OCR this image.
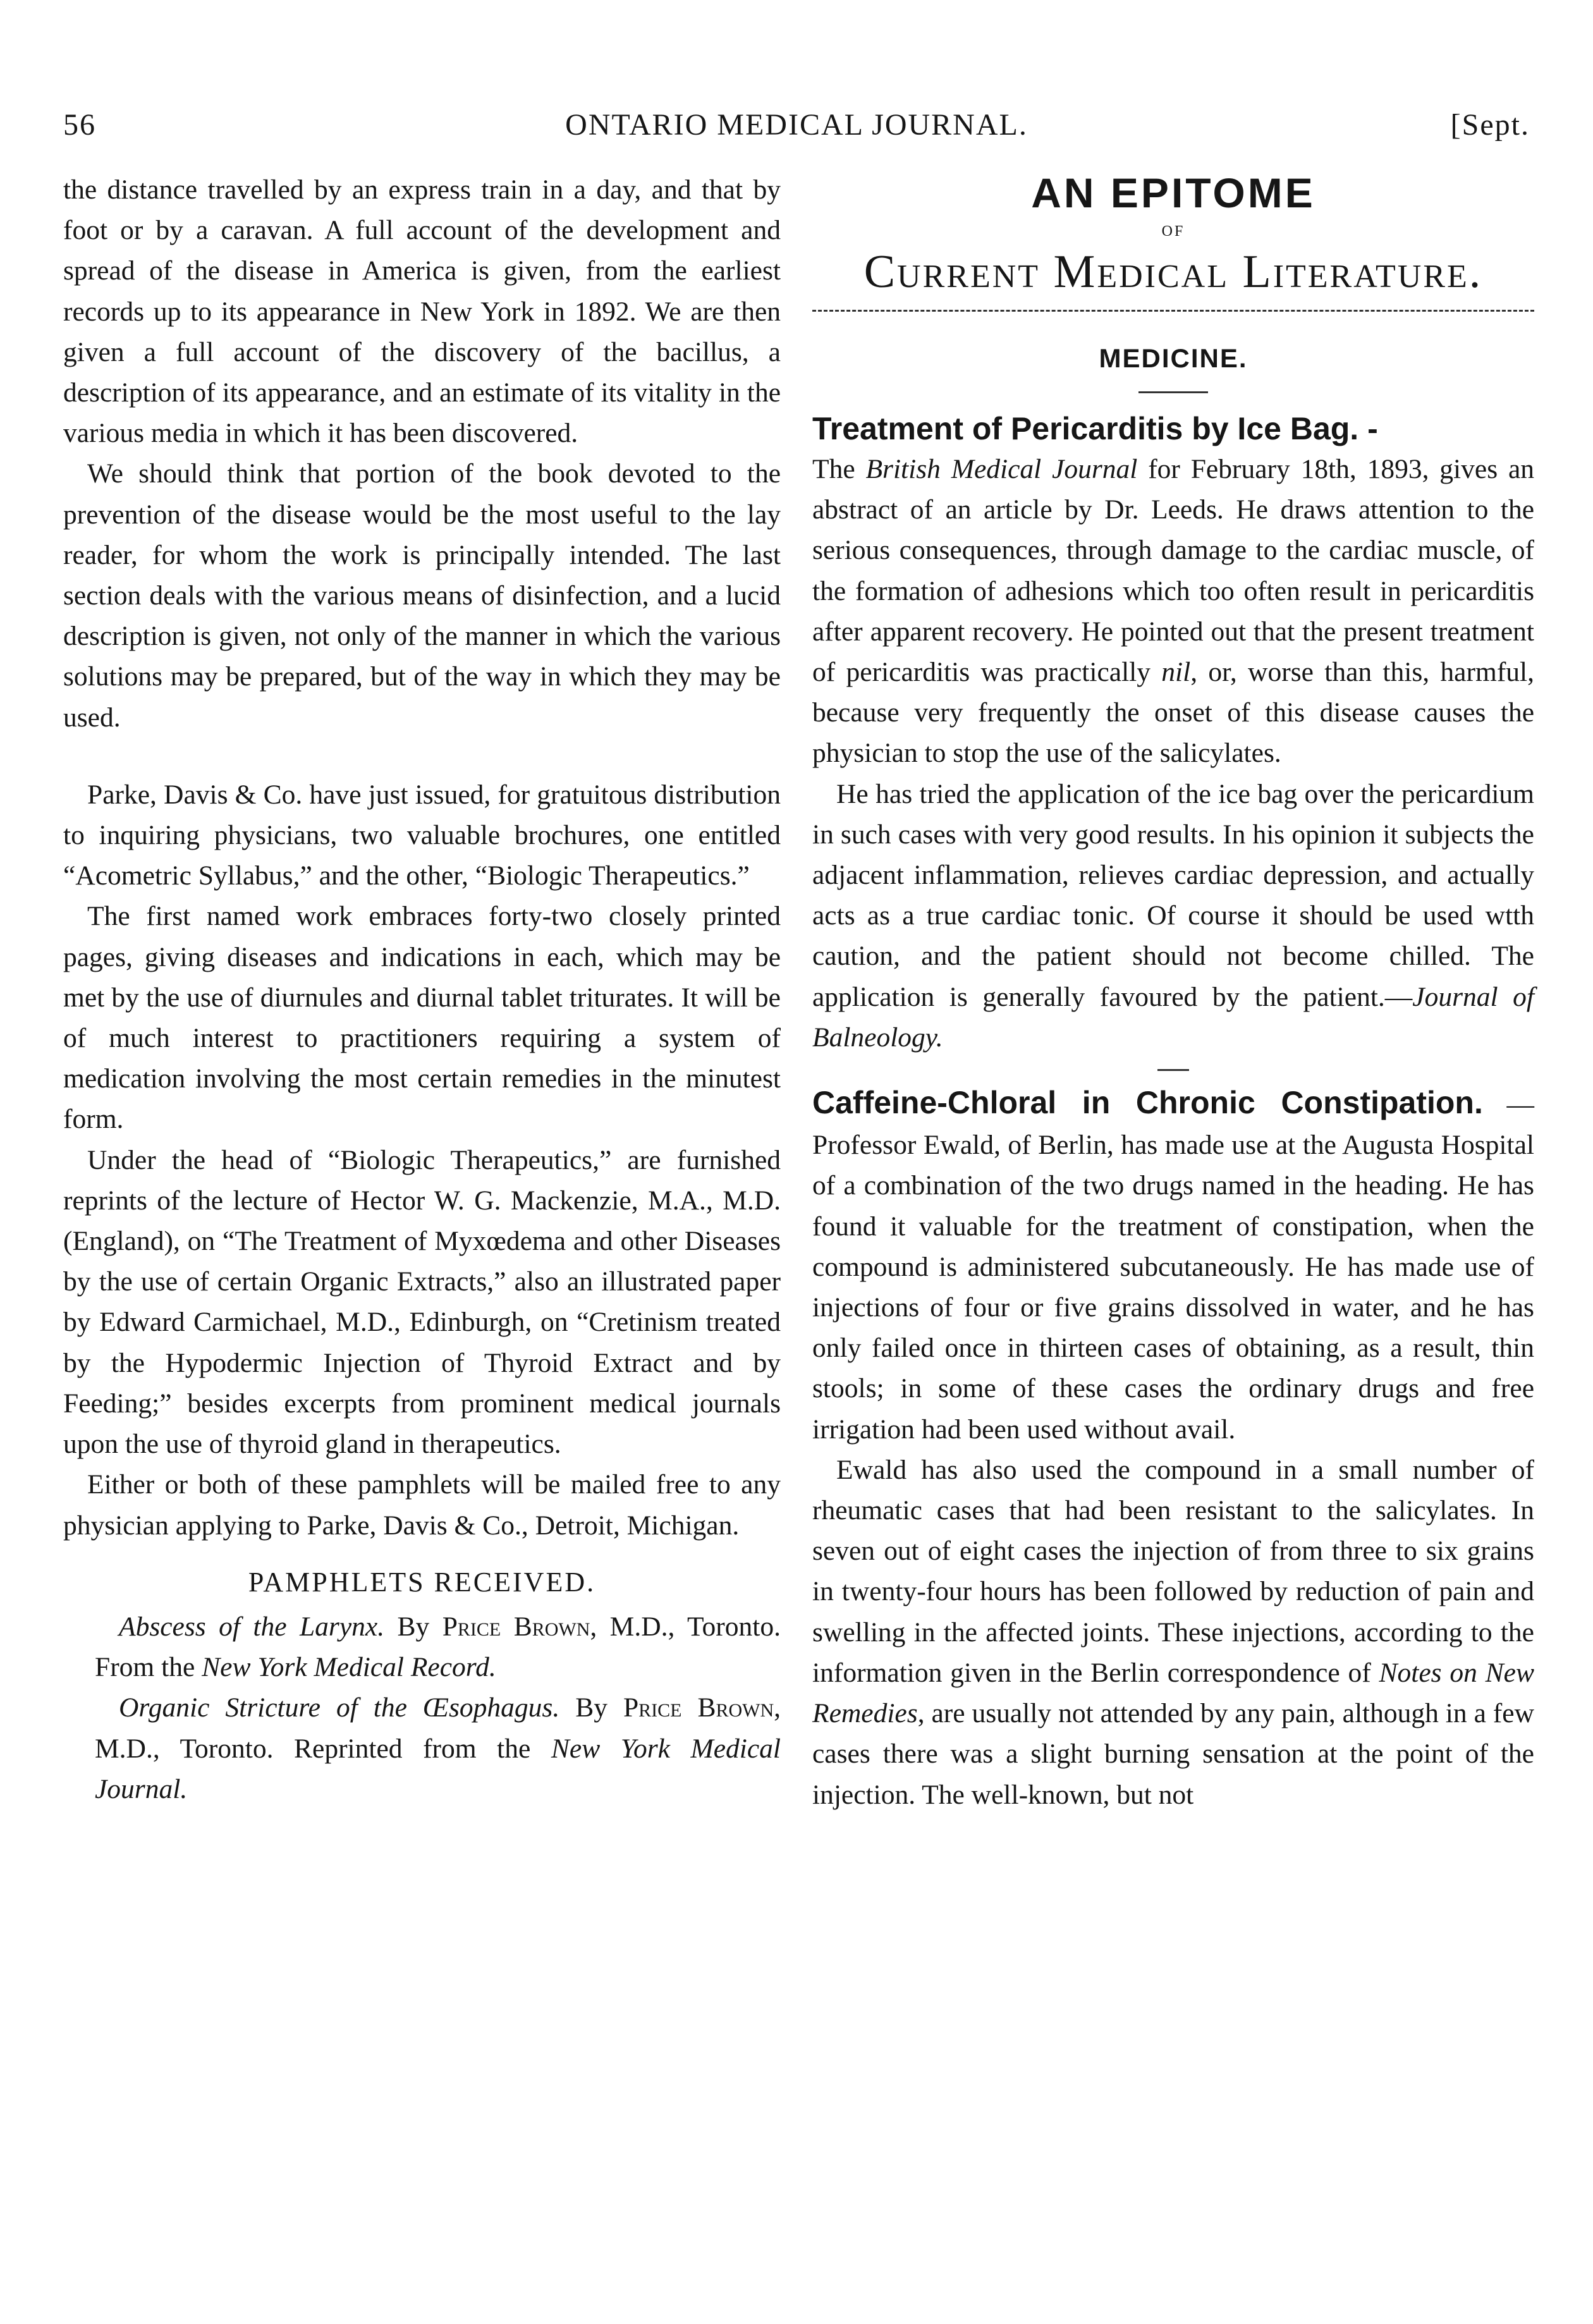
56	ONTARIO MEDICAL JOURNAL.	[Sept.

the distance travelled by an express train in a day, and that by foot or by a caravan. A full account of the development and spread of the disease in America is given, from the earliest records up to its appearance in New York in 1892. We are then given a full account of the discovery of the bacillus, a description of its appearance, and an estimate of its vitality in the various media in which it has been discovered.

We should think that portion of the book devoted to the prevention of the disease would be the most useful to the lay reader, for whom the work is principally intended. The last section deals with the various means of disinfection, and a lucid description is given, not only of the manner in which the various solutions may be prepared, but of the way in which they may be used.

Parke, Davis & Co. have just issued, for gratuitous distribution to inquiring physicians, two valuable brochures, one entitled “Acometric Syllabus,” and the other, “Biologic Therapeutics.”

The first named work embraces forty-two closely printed pages, giving diseases and indications in each, which may be met by the use of diurnules and diurnal tablet triturates. It will be of much interest to practitioners requiring a system of medication involving the most certain remedies in the minutest form.

Under the head of “Biologic Therapeutics,” are furnished reprints of the lecture of Hector W. G. Mackenzie, M.A., M.D. (England), on “The Treatment of Myxœdema and other Diseases by the use of certain Organic Extracts,” also an illustrated paper by Edward Carmichael, M.D., Edinburgh, on “Cretinism treated by the Hypodermic Injection of Thyroid Extract and by Feeding;” besides excerpts from prominent medical journals upon the use of thyroid gland in therapeutics.

Either or both of these pamphlets will be mailed free to any physician applying to Parke, Davis & Co., Detroit, Michigan.

PAMPHLETS RECEIVED.

Abscess of the Larynx. By Price Brown, M.D., Toronto. From the New York Medical Record.

Organic Stricture of the Œsophagus. By Price Brown, M.D., Toronto. Reprinted from the New York Medical Journal.

AN EPITOME
OF
Current Medical Literature.
MEDICINE.
Treatment of Pericarditis by Ice Bag. -

The British Medical Journal for February 18th, 1893, gives an abstract of an article by Dr. Leeds. He draws attention to the serious consequences, through damage to the cardiac muscle, of the formation of adhesions which too often result in pericarditis after apparent recovery. He pointed out that the present treatment of pericarditis was practically nil, or, worse than this, harmful, because very frequently the onset of this disease causes the physician to stop the use of the salicylates.

He has tried the application of the ice bag over the pericardium in such cases with very good results. In his opinion it subjects the adjacent inflammation, relieves cardiac depression, and actually acts as a true cardiac tonic. Of course it should be used wtth caution, and the patient should not become chilled. The application is generally favoured by the patient.—Journal of Balneology.

Caffeine-Chloral in Chronic Constipation. —Professor Ewald, of Berlin, has made use at the Augusta Hospital of a combination of the two drugs named in the heading. He has found it valuable for the treatment of constipation, when the compound is administered subcutaneously. He has made use of injections of four or five grains dissolved in water, and he has only failed once in thirteen cases of obtaining, as a result, thin stools; in some of these cases the ordinary drugs and free irrigation had been used without avail.

Ewald has also used the compound in a small number of rheumatic cases that had been resistant to the salicylates. In seven out of eight cases the injection of from three to six grains in twenty-four hours has been followed by reduction of pain and swelling in the affected joints. These injections, according to the information given in the Berlin correspondence of Notes on New Remedies, are usually not attended by any pain, although in a few cases there was a slight burning sensation at the point of the injection. The well-known, but not
